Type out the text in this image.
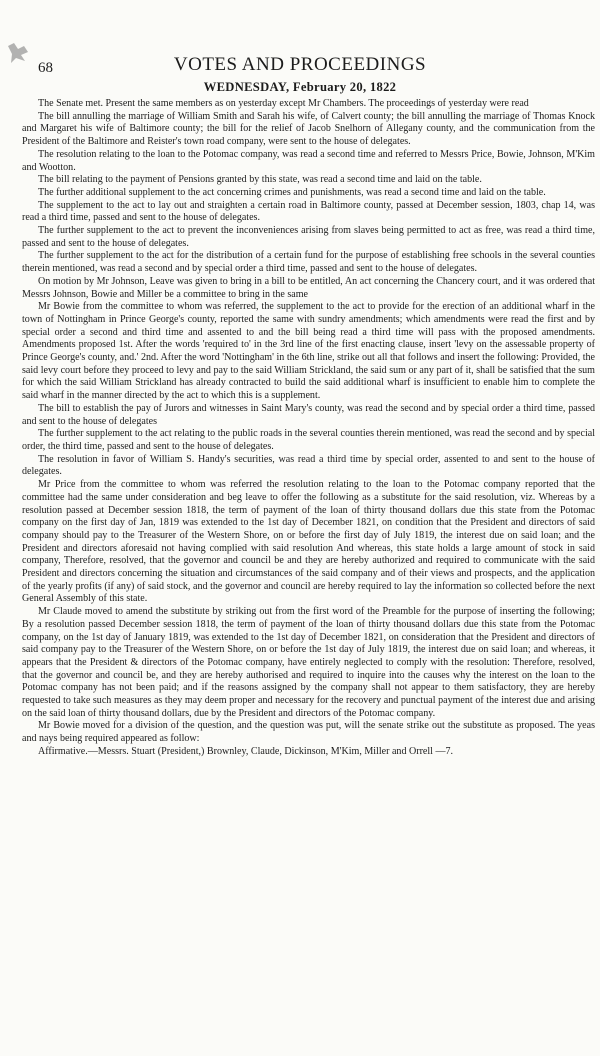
68	VOTES AND PROCEEDINGS
WEDNESDAY, February 20, 1822

The Senate met. Present the same members as on yesterday except Mr Chambers. The proceedings of yesterday were read

The bill annulling the marriage of William Smith and Sarah his wife, of Calvert county; the bill annulling the marriage of Thomas Knock and Margaret his wife of Baltimore county; the bill for the relief of Jacob Snelhorn of Allegany county, and the communication from the President of the Baltimore and Reister's town road company, were sent to the house of delegates.

The resolution relating to the loan to the Potomac company, was read a second time and referred to Messrs Price, Bowie, Johnson, M'Kim and Wootton.

The bill relating to the payment of Pensions granted by this state, was read a second time and laid on the table.

The further additional supplement to the act concerning crimes and punishments, was read a second time and laid on the table.

The supplement to the act to lay out and straighten a certain road in Baltimore county, passed at December session, 1803, chap 14, was read a third time, passed and sent to the house of delegates.

The further supplement to the act to prevent the inconveniences arising from slaves being permitted to act as free, was read a third time, passed and sent to the house of delegates.

The further supplement to the act for the distribution of a certain fund for the purpose of establishing free schools in the several counties therein mentioned, was read a second and by special order a third time, passed and sent to the house of delegates.

On motion by Mr Johnson, Leave was given to bring in a bill to be entitled, An act concerning the Chancery court, and it was ordered that Messrs Johnson, Bowie and Miller be a committee to bring in the same

Mr Bowie from the committee to whom was referred, the supplement to the act to provide for the erection of an additional wharf in the town of Nottingham in Prince George's county, reported the same with sundry amendments; which amendments were read the first and by special order a second and third time and assented to and the bill being read a third time will pass with the proposed amendments. Amendments proposed 1st. After the words 'required to' in the 3rd line of the first enacting clause, insert 'levy on the assessable property of Prince George's county, and.' 2nd. After the word 'Nottingham' in the 6th line, strike out all that follows and insert the following: Provided, the said levy court before they proceed to levy and pay to the said William Strickland, the said sum or any part of it, shall be satisfied that the sum for which the said William Strickland has already contracted to build the said additional wharf is insufficient to enable him to complete the said wharf in the manner directed by the act to which this is a supplement.

The bill to establish the pay of Jurors and witnesses in Saint Mary's county, was read the second and by special order a third time, passed and sent to the house of delegates

The further supplement to the act relating to the public roads in the several counties therein mentioned, was read the second and by special order, the third time, passed and sent to the house of delegates.

The resolution in favor of William S. Handy's securities, was read a third time by special order, assented to and sent to the house of delegates.

Mr Price from the committee to whom was referred the resolution relating to the loan to the Potomac company reported that the committee had the same under consideration and beg leave to offer the following as a substitute for the said resolution, viz. Whereas by a resolution passed at December session 1818, the term of payment of the loan of thirty thousand dollars due this state from the Potomac company on the first day of Jan, 1819 was extended to the 1st day of December 1821, on condition that the President and directors of said company should pay to the Treasurer of the Western Shore, on or before the first day of July 1819, the interest due on said loan; and the President and directors aforesaid not having complied with said resolution And whereas, this state holds a large amount of stock in said company, Therefore, resolved, that the governor and council be and they are hereby authorized and required to communicate with the said President and directors concerning the situation and circumstances of the said company and of their views and prospects, and the application of the yearly profits (if any) of said stock, and the governor and council are hereby required to lay the information so collected before the next General Assembly of this state.

Mr Claude moved to amend the substitute by striking out from the first word of the Preamble for the purpose of inserting the following; By a resolution passed December session 1818, the term of payment of the loan of thirty thousand dollars due this state from the Potomac company, on the 1st day of January 1819, was extended to the 1st day of December 1821, on consideration that the President and directors of said company pay to the Treasurer of the Western Shore, on or before the 1st day of July 1819, the interest due on said loan; and whereas, it appears that the President & directors of the Potomac company, have entirely neglected to comply with the resolution: Therefore, resolved, that the governor and council be, and they are hereby authorised and required to inquire into the causes why the interest on the loan to the Potomac company has not been paid; and if the reasons assigned by the company shall not appear to them satisfactory, they are hereby requested to take such measures as they may deem proper and necessary for the recovery and punctual payment of the interest due and arising on the said loan of thirty thousand dollars, due by the President and directors of the Potomac company.

Mr Bowie moved for a division of the question, and the question was put, will the senate strike out the substitute as proposed. The yeas and nays being required appeared as follow:

Affirmative.—Messrs. Stuart (President,) Brownley, Claude, Dickinson, M'Kim, Miller and Orrell —7.
